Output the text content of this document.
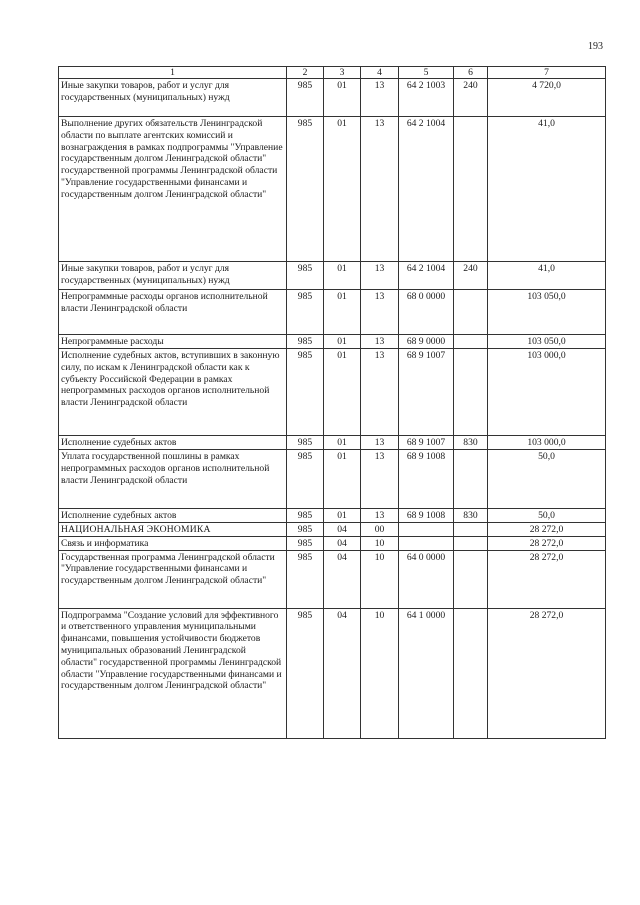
193
1	2	3	4	5	6	7
Иные закупки товаров, работ и услуг для государственных (муниципальных) нужд	985	01	13	64 2 1003	240	4 720,0
Выполнение других обязательств Ленинградской области по выплате агентских комиссий и вознаграждения в рамках подпрограммы "Управление государственным долгом Ленинградской области" государственной программы Ленинградской области "Управление государственными финансами и государственным долгом Ленинградской области"	985	01	13	64 2 1004		41,0
Иные закупки товаров, работ и услуг для государственных (муниципальных) нужд	985	01	13	64 2 1004	240	41,0
Непрограммные расходы органов исполнительной власти Ленинградской области	985	01	13	68 0 0000		103 050,0
Непрограммные расходы	985	01	13	68 9 0000		103 050,0
Исполнение судебных актов, вступивших в законную силу, по искам к Ленинградской области как к субъекту Российской Федерации в рамках непрограммных расходов органов исполнительной власти Ленинградской области	985	01	13	68 9 1007		103 000,0
Исполнение судебных актов	985	01	13	68 9 1007	830	103 000,0
Уплата государственной пошлины в рамках непрограммных расходов органов исполнительной власти Ленинградской области	985	01	13	68 9 1008		50,0
Исполнение судебных актов	985	01	13	68 9 1008	830	50,0
НАЦИОНАЛЬНАЯ ЭКОНОМИКА	985	04	00			28 272,0
Связь и информатика	985	04	10			28 272,0
Государственная программа Ленинградской области "Управление государственными финансами и государственным долгом Ленинградской области"	985	04	10	64 0 0000		28 272,0
Подпрограмма "Создание условий для эффективного и ответственного управления муниципальными финансами, повышения устойчивости бюджетов муниципальных образований Ленинградской области" государственной программы Ленинградской области "Управление государственными финансами и государственным долгом Ленинградской области"	985	04	10	64 1 0000		28 272,0
